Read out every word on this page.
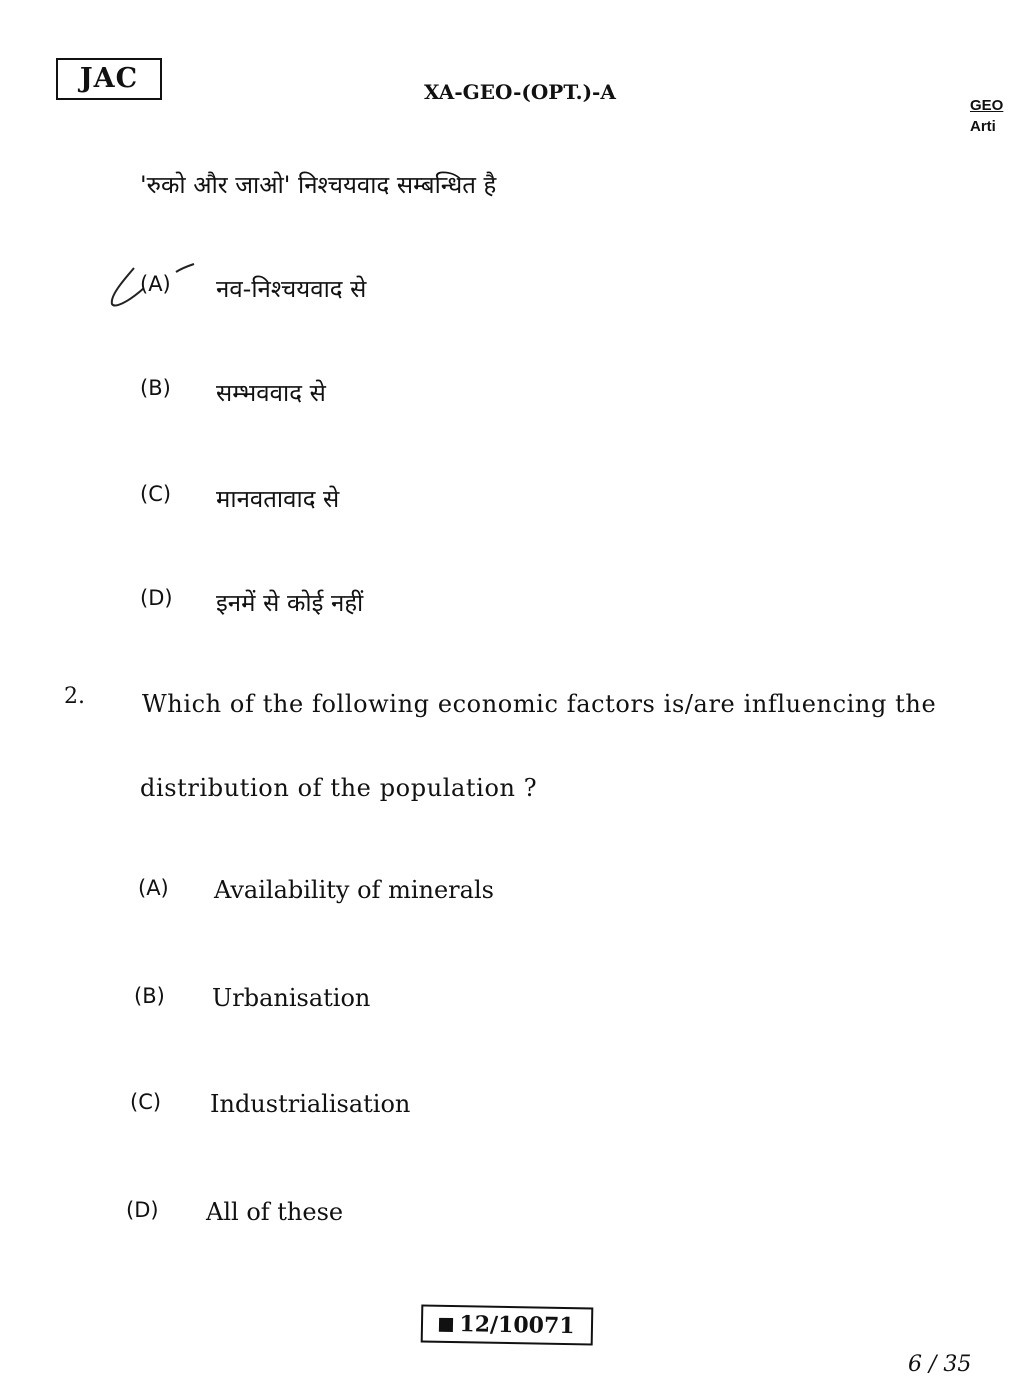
JAC	XA-GEO-(OPT.)-A
GEO
Arti
'रुको और जाओ' निश्चयवाद सम्बन्धित है
(A) नव-निश्चयवाद से
(B) सम्भववाद से
(C) मानवतावाद से
(D) इनमें से कोई नहीं
2. Which of the following economic factors is/are influencing the
distribution of the population ?
(A) Availability of minerals
(B) Urbanisation
(C) Industrialisation
(D) All of these
12/10071
6 / 35
